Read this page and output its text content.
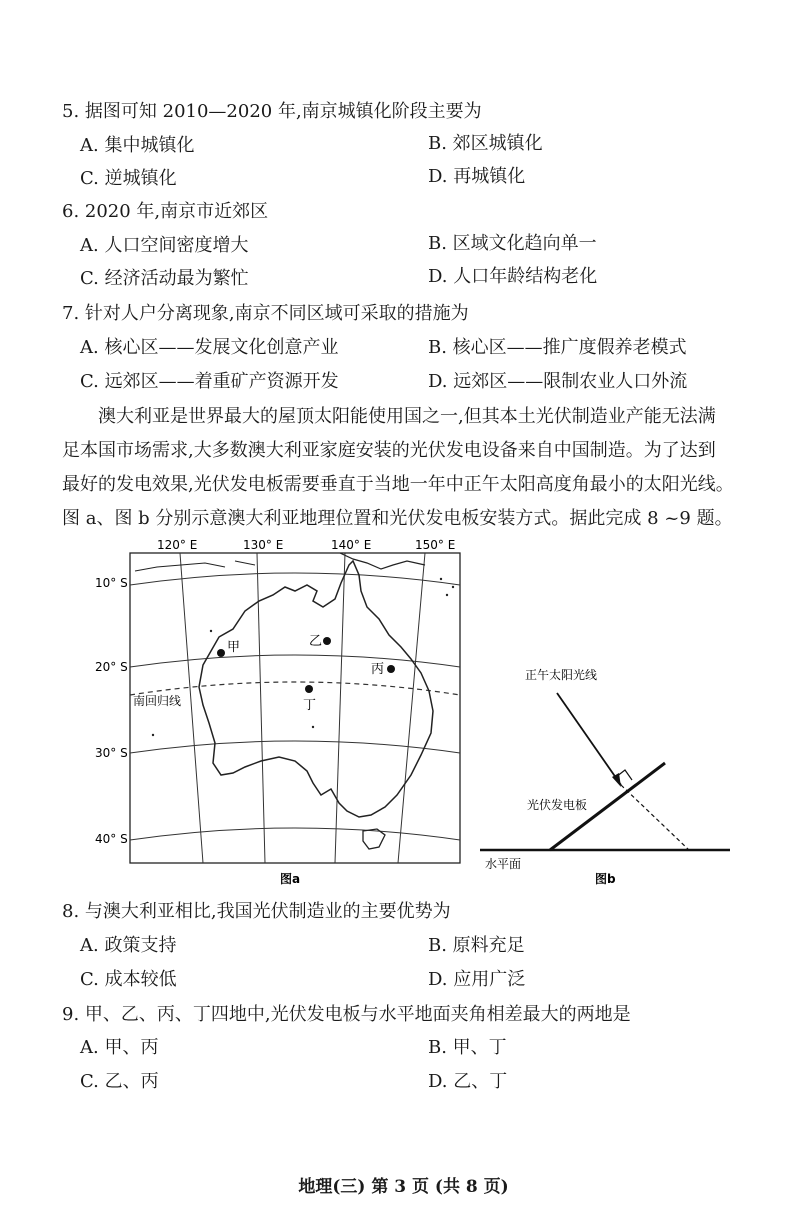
5. 据图可知 2010—2020 年,南京城镇化阶段主要为
A. 集中城镇化	B. 郊区城镇化
C. 逆城镇化	D. 再城镇化
6. 2020 年,南京市近郊区
A. 人口空间密度增大	B. 区域文化趋向单一
C. 经济活动最为繁忙	D. 人口年龄结构老化
7. 针对人户分离现象,南京不同区域可采取的措施为
A. 核心区——发展文化创意产业	B. 核心区——推广度假养老模式
C. 远郊区——着重矿产资源开发	D. 远郊区——限制农业人口外流

澳大利亚是世界最大的屋顶太阳能使用国之一,但其本土光伏制造业产能无法满

足本国市场需求,大多数澳大利亚家庭安装的光伏发电设备来自中国制造。为了达到

最好的发电效果,光伏发电板需要垂直于当地一年中正午太阳高度角最小的太阳光线。

图 a、图 b 分别示意澳大利亚地理位置和光伏发电板安装方式。据此完成 8 ~9 题。

120° E	130° E	140° E	150° E
10° S
20° S
30° S
40° S
南回归线
甲	乙
丙
丁
图a
正午太阳光线
光伏发电板
水平面
图b
8. 与澳大利亚相比,我国光伏制造业的主要优势为
A. 政策支持	B. 原料充足
C. 成本较低	D. 应用广泛
9. 甲、乙、丙、丁四地中,光伏发电板与水平地面夹角相差最大的两地是
A. 甲、丙	B. 甲、丁
C. 乙、丙	D. 乙、丁
地理(三) 第 3 页 (共 8 页)
